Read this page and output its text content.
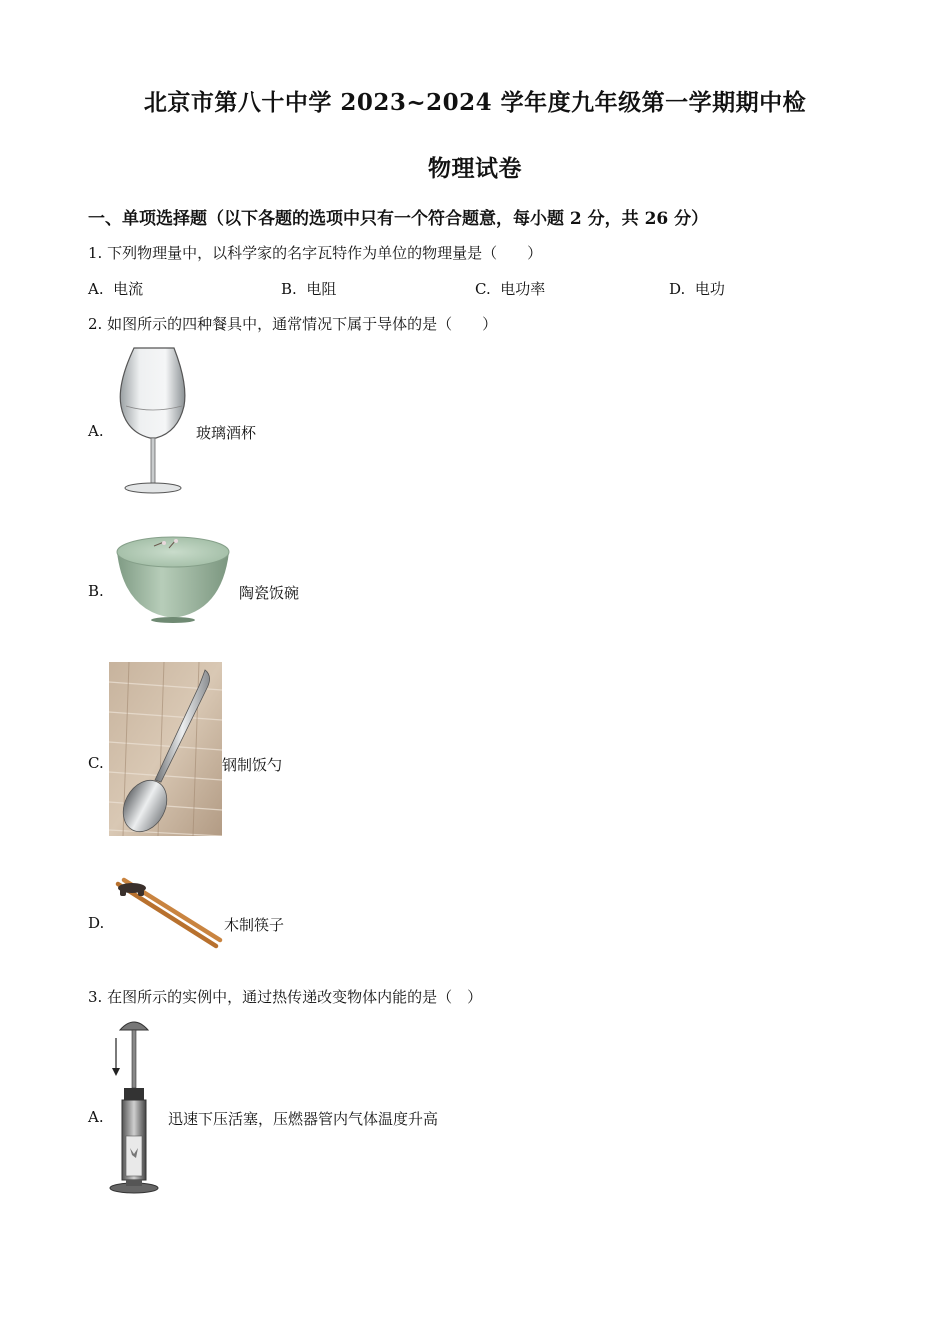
北京市第八十中学 2023~2024 学年度九年级第一学期期中检
物理试卷
一、单项选择题（以下各题的选项中只有一个符合题意，每小题 2 分，共 26 分）
1. 下列物理量中，以科学家的名字瓦特作为单位的物理量是（　　）
A. 电流	B. 电阻	C. 电功率	D. 电功
2. 如图所示的四种餐具中，通常情况下属于导体的是（　　）
A.	玻璃酒杯
B.	陶瓷饭碗
C.	钢制饭勺
D.	木制筷子
3. 在图所示的实例中，通过热传递改变物体内能的是（　）
A.	迅速下压活塞，压燃器管内气体温度升高
